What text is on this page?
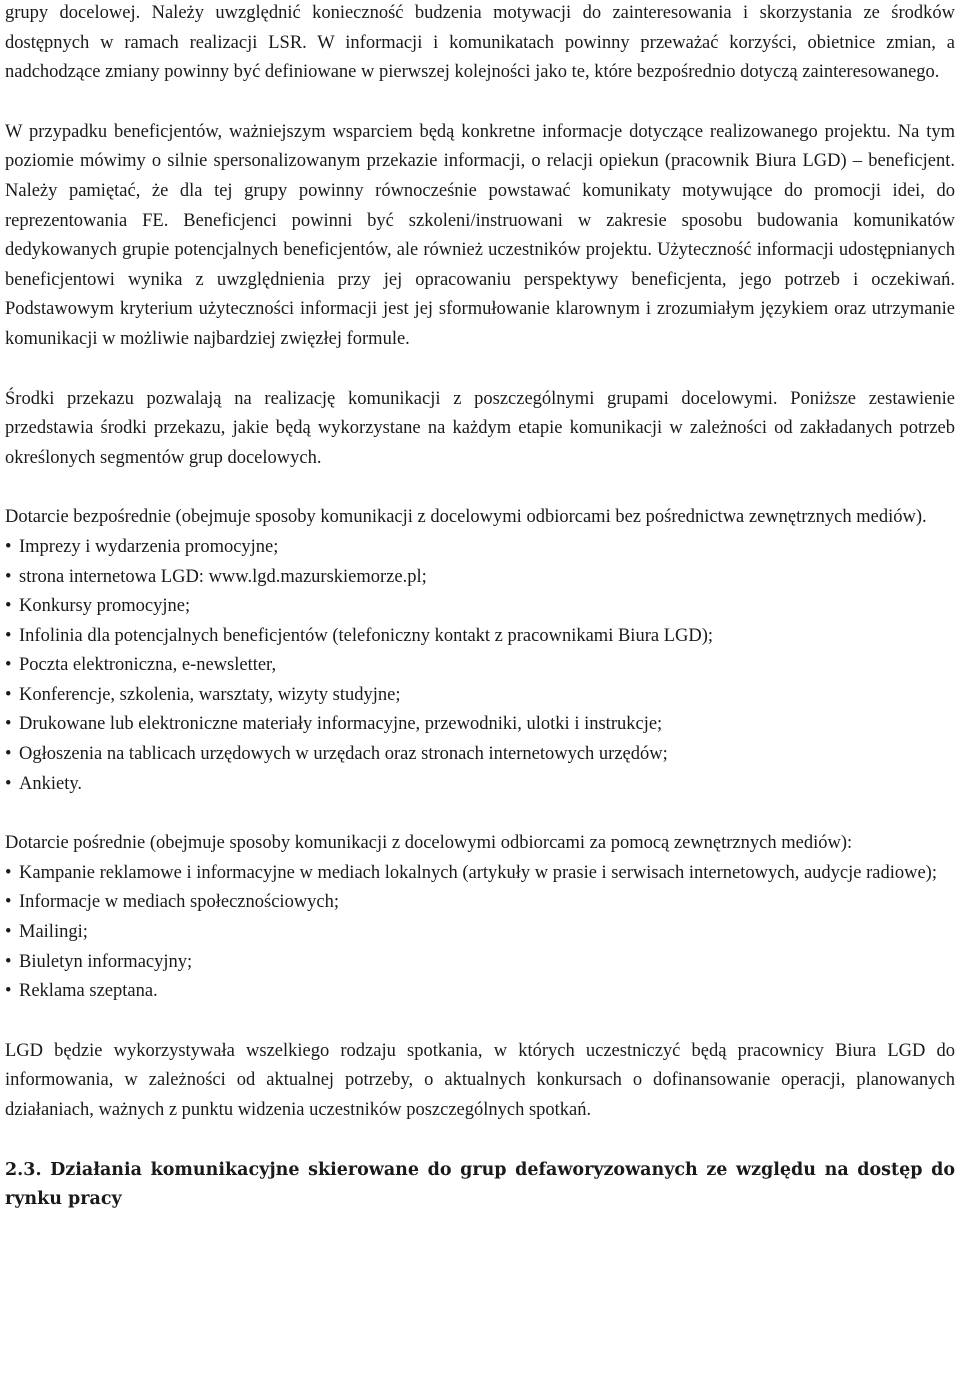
grupy docelowej. Należy uwzględnić konieczność budzenia motywacji do zainteresowania i skorzystania ze środków dostępnych w ramach realizacji LSR. W informacji i komunikatach powinny przeważać korzyści, obietnice zmian, a nadchodzące zmiany powinny być definiowane w pierwszej kolejności jako te, które bezpośrednio dotyczą zainteresowanego.

W przypadku beneficjentów, ważniejszym wsparciem będą konkretne informacje dotyczące realizowanego projektu. Na tym poziomie mówimy o silnie spersonalizowanym przekazie informacji, o relacji opiekun (pracownik Biura LGD) – beneficjent. Należy pamiętać, że dla tej grupy powinny równocześnie powstawać komunikaty motywujące do promocji idei, do reprezentowania FE. Beneficjenci powinni być szkoleni/instruowani w zakresie sposobu budowania komunikatów dedykowanych grupie potencjalnych beneficjentów, ale również uczestników projektu. Użyteczność informacji udostępnianych beneficjentowi wynika z uwzględnienia przy jej opracowaniu perspektywy beneficjenta, jego potrzeb i oczekiwań. Podstawowym kryterium użyteczności informacji jest jej sformułowanie klarownym i zrozumiałym językiem oraz utrzymanie komunikacji w możliwie najbardziej zwięzłej formule.

Środki przekazu pozwalają na realizację komunikacji z poszczególnymi grupami docelowymi. Poniższe zestawienie przedstawia środki przekazu, jakie będą wykorzystane na każdym etapie komunikacji w zależności od zakładanych potrzeb określonych segmentów grup docelowych.

Dotarcie bezpośrednie (obejmuje sposoby komunikacji z docelowymi odbiorcami bez pośrednictwa zewnętrznych mediów).

• Imprezy i wydarzenia promocyjne;
• strona internetowa LGD: www.lgd.mazurskiemorze.pl;
• Konkursy promocyjne;
• Infolinia dla potencjalnych beneficjentów (telefoniczny kontakt z pracownikami Biura LGD);
• Poczta elektroniczna, e-newsletter,
• Konferencje, szkolenia, warsztaty, wizyty studyjne;
• Drukowane lub elektroniczne materiały informacyjne, przewodniki, ulotki i instrukcje;
• Ogłoszenia na tablicach urzędowych w urzędach oraz stronach internetowych urzędów;
• Ankiety.

Dotarcie pośrednie (obejmuje sposoby komunikacji z docelowymi odbiorcami za pomocą zewnętrznych mediów):

• Kampanie reklamowe i informacyjne w mediach lokalnych (artykuły w prasie i serwisach internetowych, audycje radiowe);
• Informacje w mediach społecznościowych;
• Mailingi;
• Biuletyn informacyjny;
• Reklama szeptana.

LGD będzie wykorzystywała wszelkiego rodzaju spotkania, w których uczestniczyć będą pracownicy Biura LGD do informowania, w zależności od aktualnej potrzeby, o aktualnych konkursach o dofinansowanie operacji, planowanych działaniach, ważnych z punktu widzenia uczestników poszczególnych spotkań.

2.3. Działania komunikacyjne skierowane do grup defaworyzowanych ze względu na dostęp do rynku pracy
